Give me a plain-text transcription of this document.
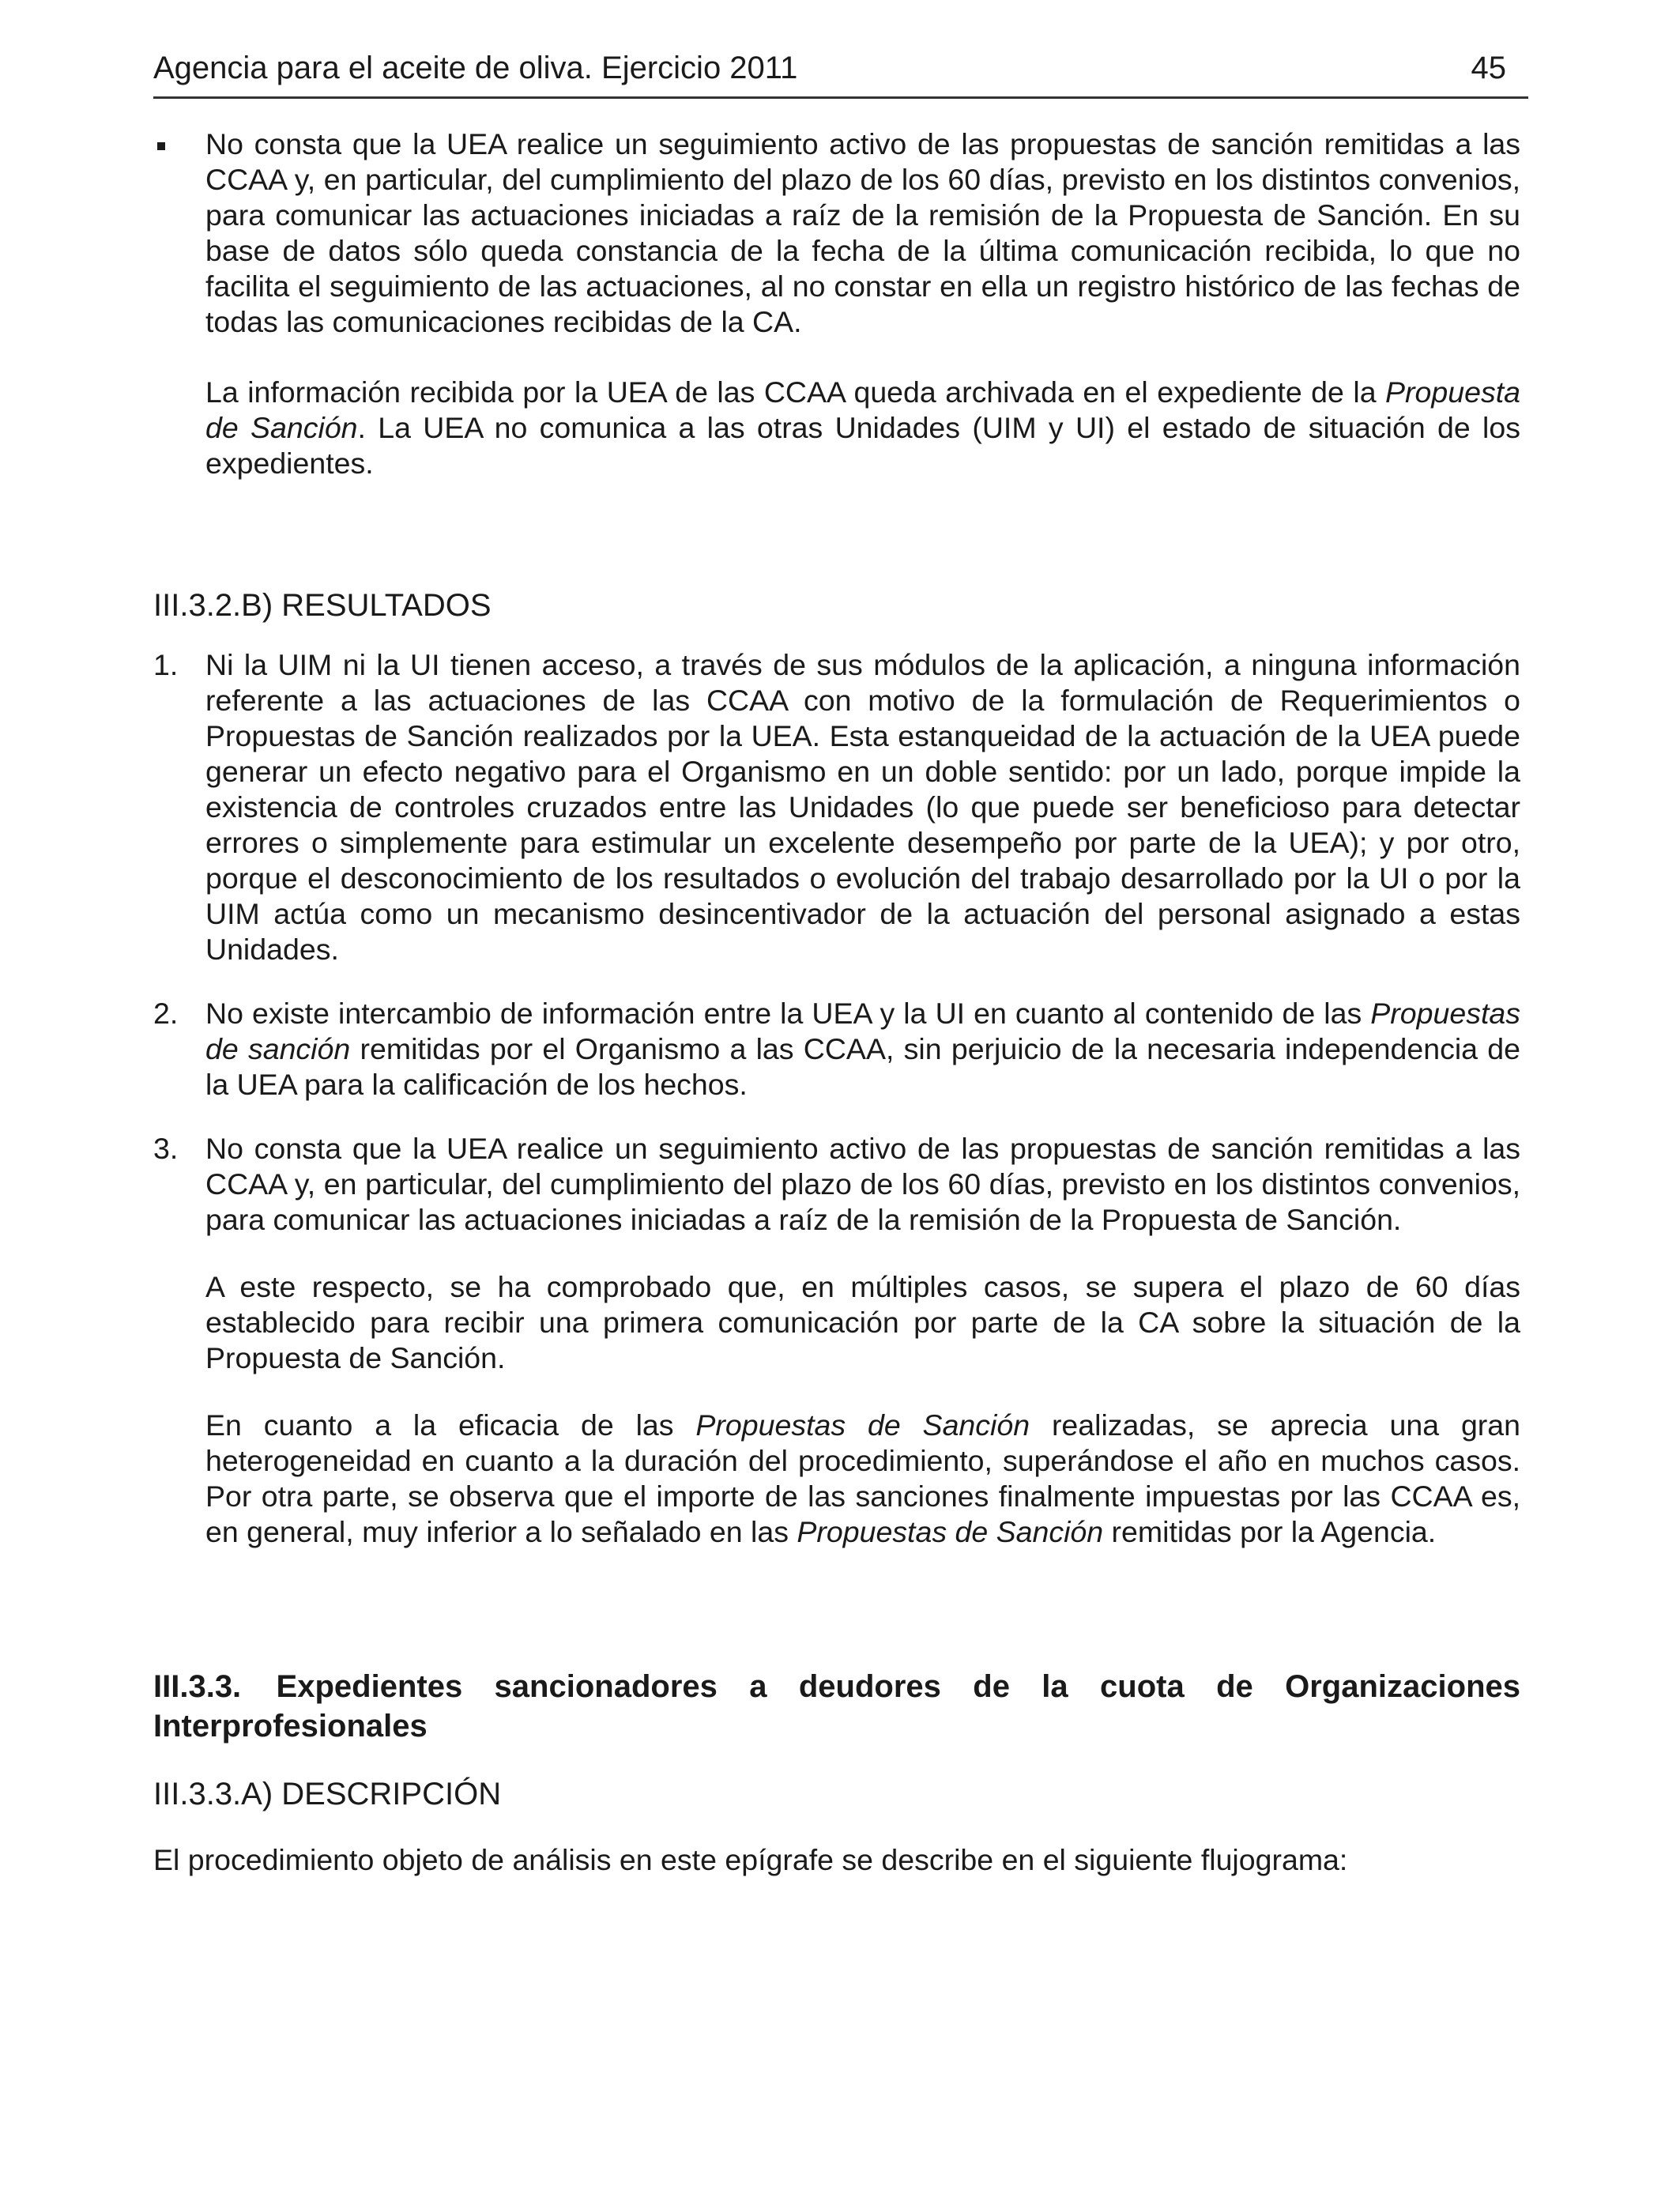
Agencia para el aceite de oliva. Ejercicio 2011	45

No consta que la UEA realice un seguimiento activo de las propuestas de sanción remitidas a las CCAA y, en particular, del cumplimiento del plazo de los 60 días, previsto en los distintos convenios, para comunicar las actuaciones iniciadas a raíz de la remisión de la Propuesta de Sanción. En su base de datos sólo queda constancia de la fecha de la última comunicación recibida, lo que no facilita el seguimiento de las actuaciones, al no constar en ella un registro histórico de las fechas de todas las comunicaciones recibidas de la CA.

La información recibida por la UEA de las CCAA queda archivada en el expediente de la Propuesta de Sanción. La UEA no comunica a las otras Unidades (UIM y UI) el estado de situación de los expedientes.

III.3.2.B) RESULTADOS

1. Ni la UIM ni la UI tienen acceso, a través de sus módulos de la aplicación, a ninguna información referente a las actuaciones de las CCAA con motivo de la formulación de Requerimientos o Propuestas de Sanción realizados por la UEA. Esta estanqueidad de la actuación de la UEA puede generar un efecto negativo para el Organismo en un doble sentido: por un lado, porque impide la existencia de controles cruzados entre las Unidades (lo que puede ser beneficioso para detectar errores o simplemente para estimular un excelente desempeño por parte de la UEA); y por otro, porque el desconocimiento de los resultados o evolución del trabajo desarrollado por la UI o por la UIM actúa como un mecanismo desincentivador de la actuación del personal asignado a estas Unidades.

2. No existe intercambio de información entre la UEA y la UI en cuanto al contenido de las Propuestas de sanción remitidas por el Organismo a las CCAA, sin perjuicio de la necesaria independencia de la UEA para la calificación de los hechos.

3. No consta que la UEA realice un seguimiento activo de las propuestas de sanción remitidas a las CCAA y, en particular, del cumplimiento del plazo de los 60 días, previsto en los distintos convenios, para comunicar las actuaciones iniciadas a raíz de la remisión de la Propuesta de Sanción.

A este respecto, se ha comprobado que, en múltiples casos, se supera el plazo de 60 días establecido para recibir una primera comunicación por parte de la CA sobre la situación de la Propuesta de Sanción.

En cuanto a la eficacia de las Propuestas de Sanción realizadas, se aprecia una gran heterogeneidad en cuanto a la duración del procedimiento, superándose el año en muchos casos. Por otra parte, se observa que el importe de las sanciones finalmente impuestas por las CCAA es, en general, muy inferior a lo señalado en las Propuestas de Sanción remitidas por la Agencia.

III.3.3. Expedientes sancionadores a deudores de la cuota de Organizaciones Interprofesionales

III.3.3.A) DESCRIPCIÓN

El procedimiento objeto de análisis en este epígrafe se describe en el siguiente flujograma:
